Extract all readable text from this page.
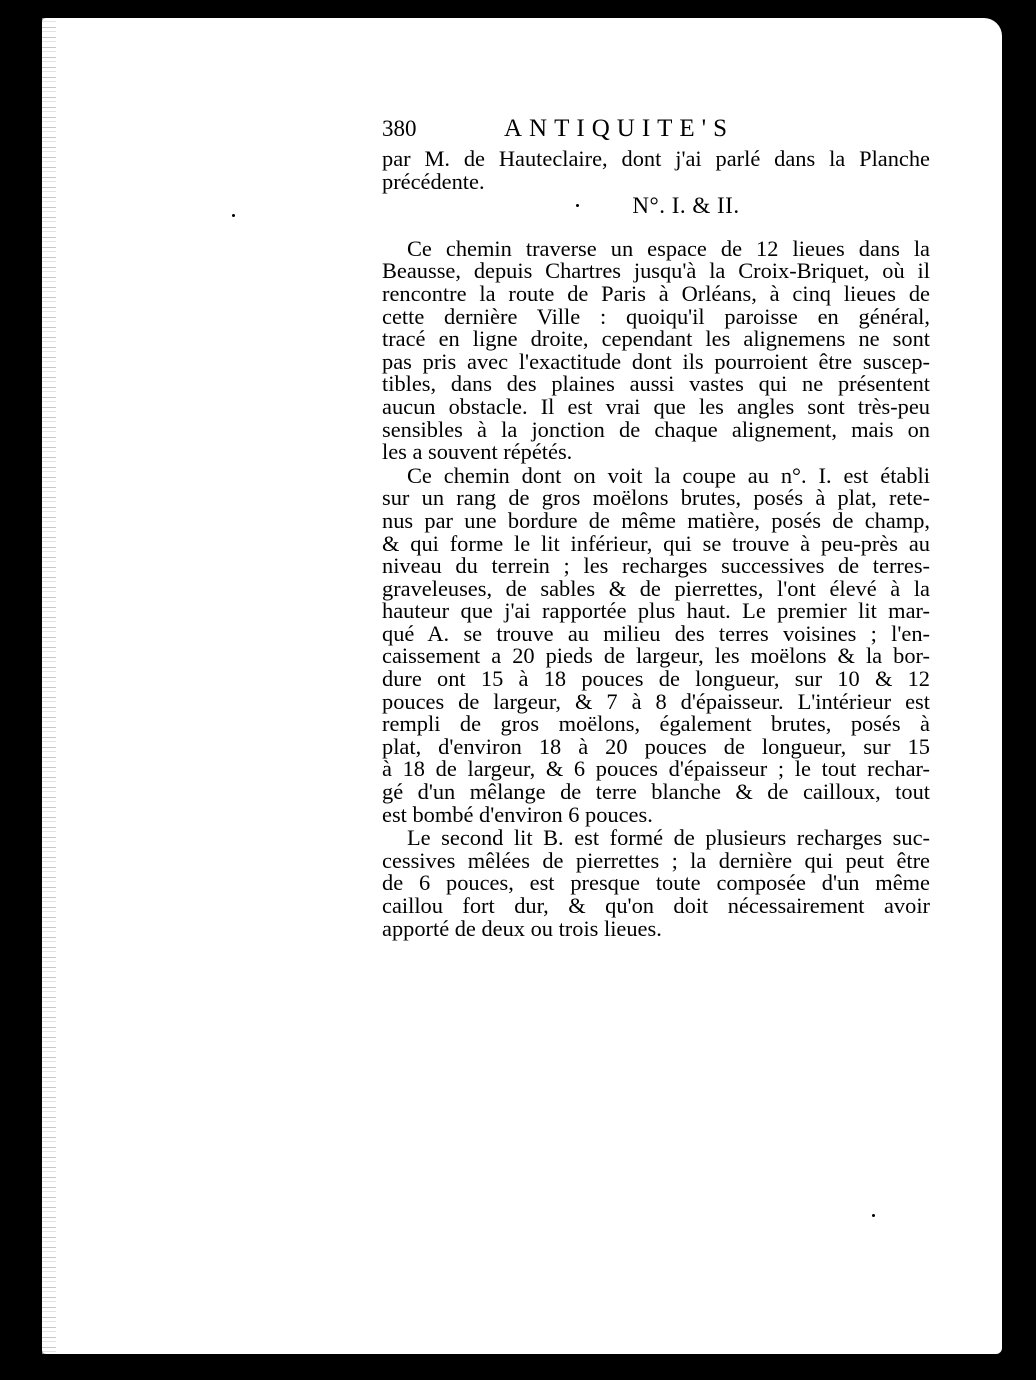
380	ANTIQUITE'S
par M. de Hauteclaire, dont j'ai parlé dans la Planche
précédente.
N°. I. & II.
Ce chemin traverse un espace de 12 lieues dans la
Beausse, depuis Chartres jusqu'à la Croix-Briquet, où il
rencontre la route de Paris à Orléans, à cinq lieues de
cette dernière Ville : quoiqu'il paroisse en général,
tracé en ligne droite, cependant les alignemens ne sont
pas pris avec l'exactitude dont ils pourroient être suscep-
tibles, dans des plaines aussi vastes qui ne présentent
aucun obstacle. Il est vrai que les angles sont très-peu
sensibles à la jonction de chaque alignement, mais on
les a souvent répétés.
Ce chemin dont on voit la coupe au n°. I. est établi
sur un rang de gros moëlons brutes, posés à plat, rete-
nus par une bordure de même matière, posés de champ,
& qui forme le lit inférieur, qui se trouve à peu-près au
niveau du terrein ; les recharges successives de terres-
graveleuses, de sables & de pierrettes, l'ont élevé à la
hauteur que j'ai rapportée plus haut. Le premier lit mar-
qué A. se trouve au milieu des terres voisines ; l'en-
caissement a 20 pieds de largeur, les moëlons & la bor-
dure ont 15 à 18 pouces de longueur, sur 10 & 12
pouces de largeur, & 7 à 8 d'épaisseur. L'intérieur est
rempli de gros moëlons, également brutes, posés à
plat, d'environ 18 à 20 pouces de longueur, sur 15
à 18 de largeur, & 6 pouces d'épaisseur ; le tout rechar-
gé d'un mêlange de terre blanche & de cailloux, tout
est bombé d'environ 6 pouces.
Le second lit B. est formé de plusieurs recharges suc-
cessives mêlées de pierrettes ; la dernière qui peut être
de 6 pouces, est presque toute composée d'un même
caillou fort dur, & qu'on doit nécessairement avoir
apporté de deux ou trois lieues.
